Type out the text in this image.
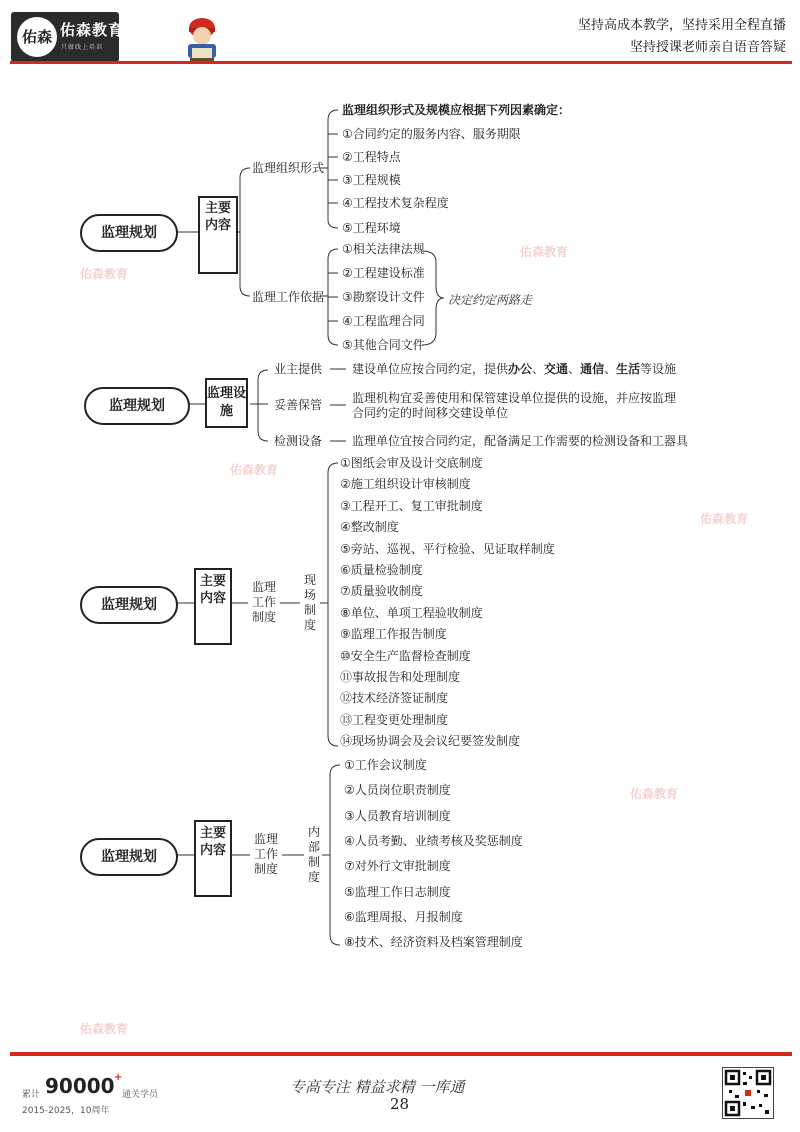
佑森 佑森教育
只做线上培训
坚持高成本教学，坚持采用全程直播
坚持授课老师亲自语音答疑
佑森教育
佑森教育
佑森教育
佑森教育
佑森教育
佑森教育
监理规划
主要内容
监理组织形式
监理组织形式及规模应根据下列因素确定：
①合同约定的服务内容、服务期限
②工程特点
③工程规模
④工程技术复杂程度
⑤工程环境
监理工作依据
①相关法律法规
②工程建设标准
③勘察设计文件
④工程监理合同
⑤其他合同文件
决定约定两路走
监理规划
监理设施
业主提供
妥善保管
检测设备
建设单位应按合同约定，提供办公、交通、通信、生活等设施
监理机构宜妥善使用和保管建设单位提供的设施，并应按监理
合同约定的时间移交建设单位
监理单位宜按合同约定，配备满足工作需要的检测设备和工器具
监理规划
主要内容
监理工作制度
现场制度
①图纸会审及设计交底制度
②施工组织设计审核制度
③工程开工、复工审批制度
④整改制度
⑤旁站、巡视、平行检验、见证取样制度
⑥质量检验制度
⑦质量验收制度
⑧单位、单项工程验收制度
⑨监理工作报告制度
⑩安全生产监督检查制度
⑪事故报告和处理制度
⑫技术经济签证制度
⑬工程变更处理制度
⑭现场协调会及会议纪要签发制度
监理规划
主要内容
监理工作制度
内部制度
①工作会议制度
②人员岗位职责制度
③人员教育培训制度
④人员考勤、业绩考核及奖惩制度
⑦对外行文审批制度
⑤监理工作日志制度
⑥监理周报、月报制度
⑧技术、经济资料及档案管理制度
累计 90000 +
通关学员
2015-2025，10周年
专高专注 精益求精 一库通
28
